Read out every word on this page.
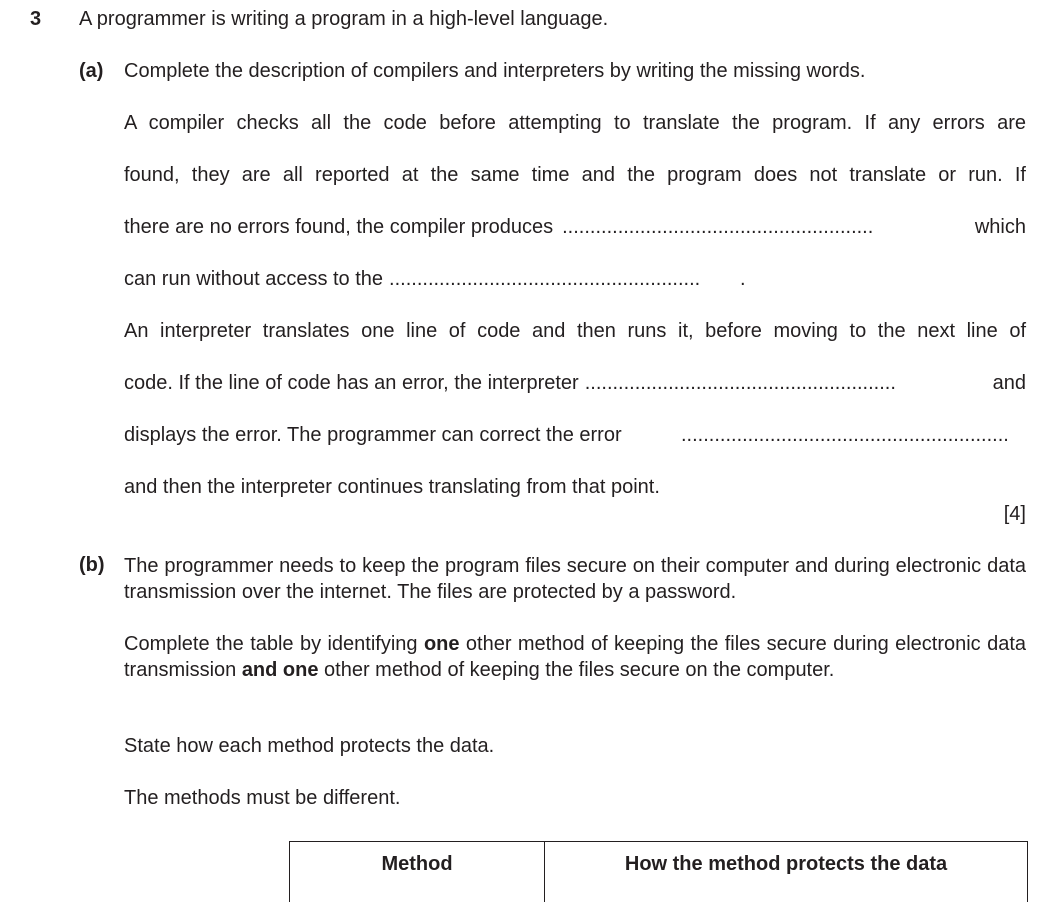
3 A programmer is writing a program in a high-level language.
(a) Complete the description of compilers and interpreters by writing the missing words.
A compiler checks all the code before attempting to translate the program. If any errors are
found, they are all reported at the same time and the program does not translate or run. If
there are no errors found, the compiler produces ........................................................	which
can run without access to the ........................................................	.
An interpreter translates one line of code and then runs it, before moving to the next line of
code. If the line of code has an error, the interpreter ........................................................	and
displays the error. The programmer can correct the error	...........................................................
and then the interpreter continues translating from that point.
[4]
(b) The programmer needs to keep the program files secure on their computer and during electronic data transmission over the internet. The files are protected by a password.
Complete the table by identifying one other method of keeping the files secure during electronic data transmission and one other method of keeping the files secure on the computer.
State how each method protects the data.
The methods must be different.
Method	How the method protects the data
